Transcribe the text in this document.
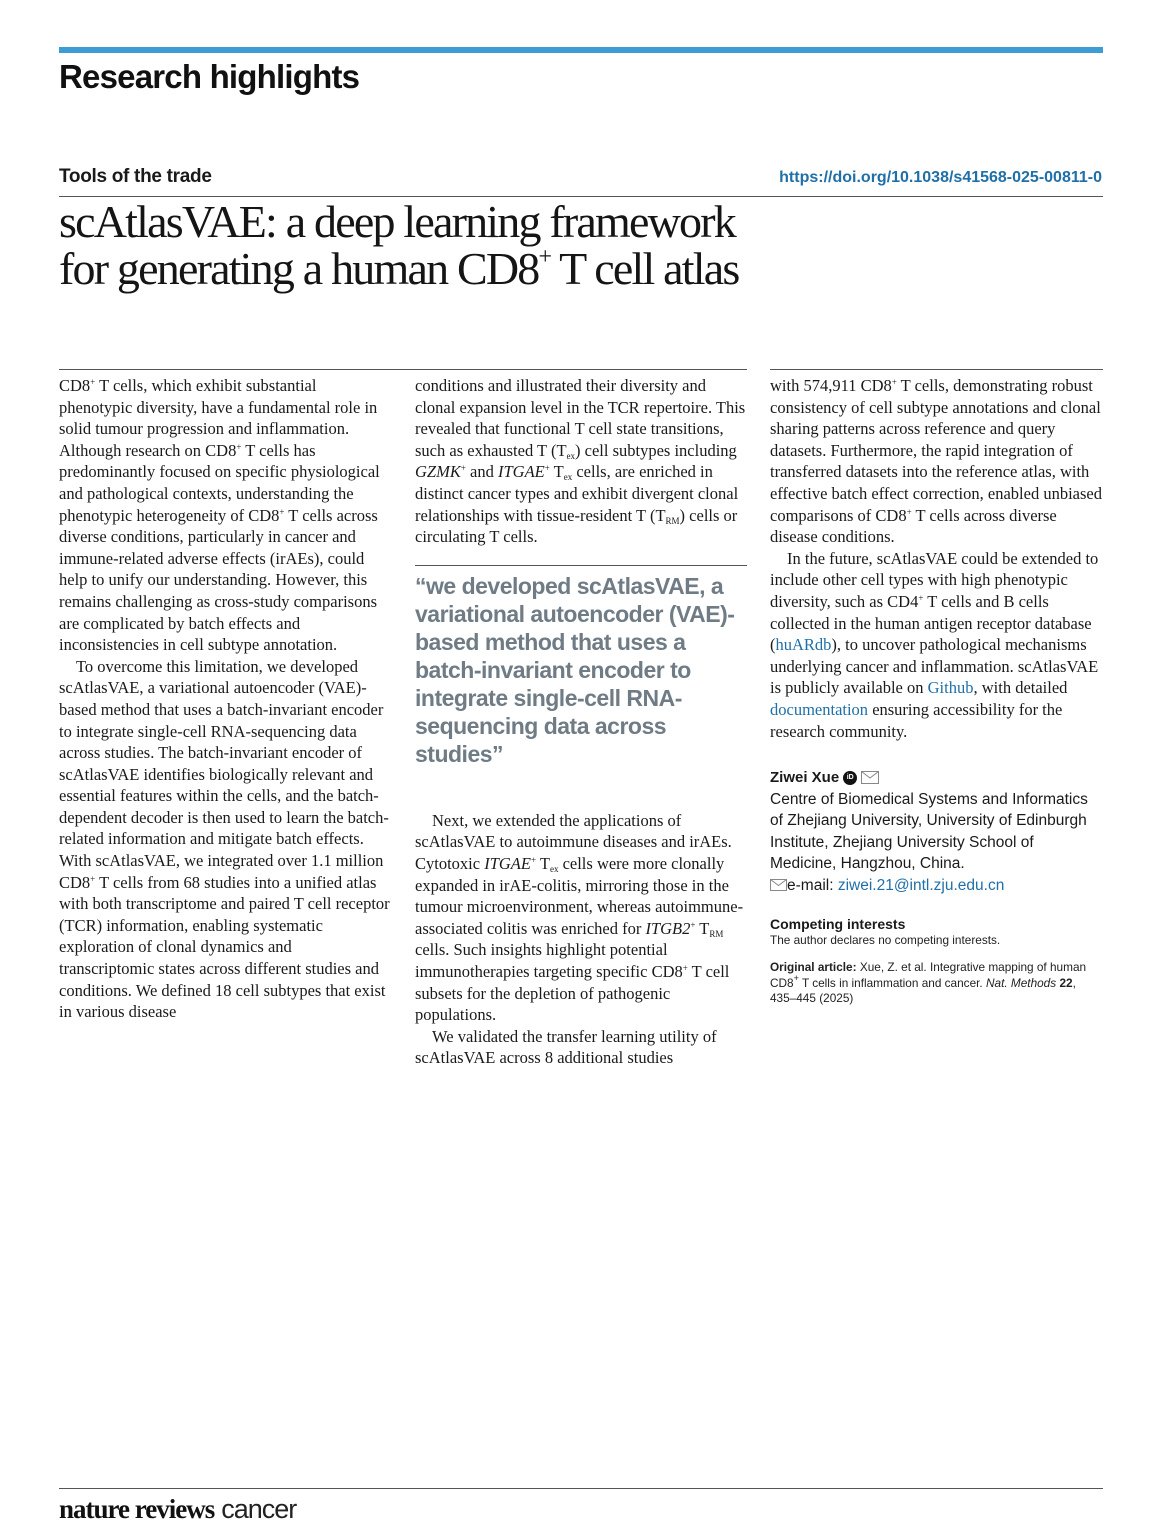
Research highlights
Tools of the trade	https://doi.org/10.1038/s41568-025-00811-0
scAtlasVAE: a deep learning framework
for generating a human CD8+ T cell atlas

CD8+ T cells, which exhibit substantial phenotypic diversity, have a fundamental role in solid tumour progression and inflammation. Although research on CD8+ T cells has predominantly focused on specific physiological and pathological contexts, understanding the phenotypic heterogeneity of CD8+ T cells across diverse conditions, particularly in cancer and immune-related adverse effects (irAEs), could help to unify our understanding. However, this remains challenging as cross-study comparisons are complicated by batch effects and inconsistencies in cell subtype annotation.

To overcome this limitation, we developed scAtlasVAE, a variational autoencoder (VAE)-based method that uses a batch-invariant encoder to integrate single-cell RNA-sequencing data across studies. The batch-invariant encoder of scAtlasVAE identifies biologically relevant and essential features within the cells, and the batch-dependent decoder is then used to learn the batch-related information and mitigate batch effects. With scAtlasVAE, we integrated over 1.1 million CD8+ T cells from 68 studies into a unified atlas with both transcriptome and paired T cell receptor (TCR) information, enabling systematic exploration of clonal dynamics and transcriptomic states across different studies and conditions. We defined 18 cell subtypes that exist in various disease

conditions and illustrated their diversity and clonal expansion level in the TCR repertoire. This revealed that functional T cell state transitions, such as exhausted T $(T_{ex})$ cell subtypes including GZMK+ and ITGAE+ $T_{ex}$ cells, are enriched in distinct cancer types and exhibit divergent clonal relationships with tissue-resident T $(T_{RM})$ cells or circulating T cells.

“we developed scAtlasVAE, a variational autoencoder (VAE)-based method that uses a batch-invariant encoder to integrate single-cell RNA-sequencing data across studies”

Next, we extended the applications of scAtlasVAE to autoimmune diseases and irAEs. Cytotoxic ITGAE+ $T_{ex}$ cells were more clonally expanded in irAE-colitis, mirroring those in the tumour microenvironment, whereas autoimmune-associated colitis was enriched for ITGB2+ $T_{RM}$ cells. Such insights highlight potential immunotherapies targeting specific CD8+ T cell subsets for the depletion of pathogenic populations.

We validated the transfer learning utility of scAtlasVAE across 8 additional studies

with 574,911 CD8+ T cells, demonstrating robust consistency of cell subtype annotations and clonal sharing patterns across reference and query datasets. Furthermore, the rapid integration of transferred datasets into the reference atlas, with effective batch effect correction, enabled unbiased comparisons of CD8+ T cells across diverse disease conditions.

In the future, scAtlasVAE could be extended to include other cell types with high phenotypic diversity, such as CD4+ T cells and B cells collected in the human antigen receptor database (huARdb), to uncover pathological mechanisms underlying cancer and inflammation. scAtlasVAE is publicly available on Github, with detailed documentation ensuring accessibility for the research community.

Ziwei Xue	iD
Centre of Biomedical Systems and Informatics of Zhejiang University, University of Edinburgh Institute, Zhejiang University School of Medicine, Hangzhou, China.
e-mail: ziwei.21@intl.zju.edu.cn
Competing interests
The author declares no competing interests.
Original article: Xue, Z. et al. Integrative mapping of human CD8+ T cells in inflammation and cancer. Nat. Methods 22, 435–445 (2025)
nature reviews cancer
